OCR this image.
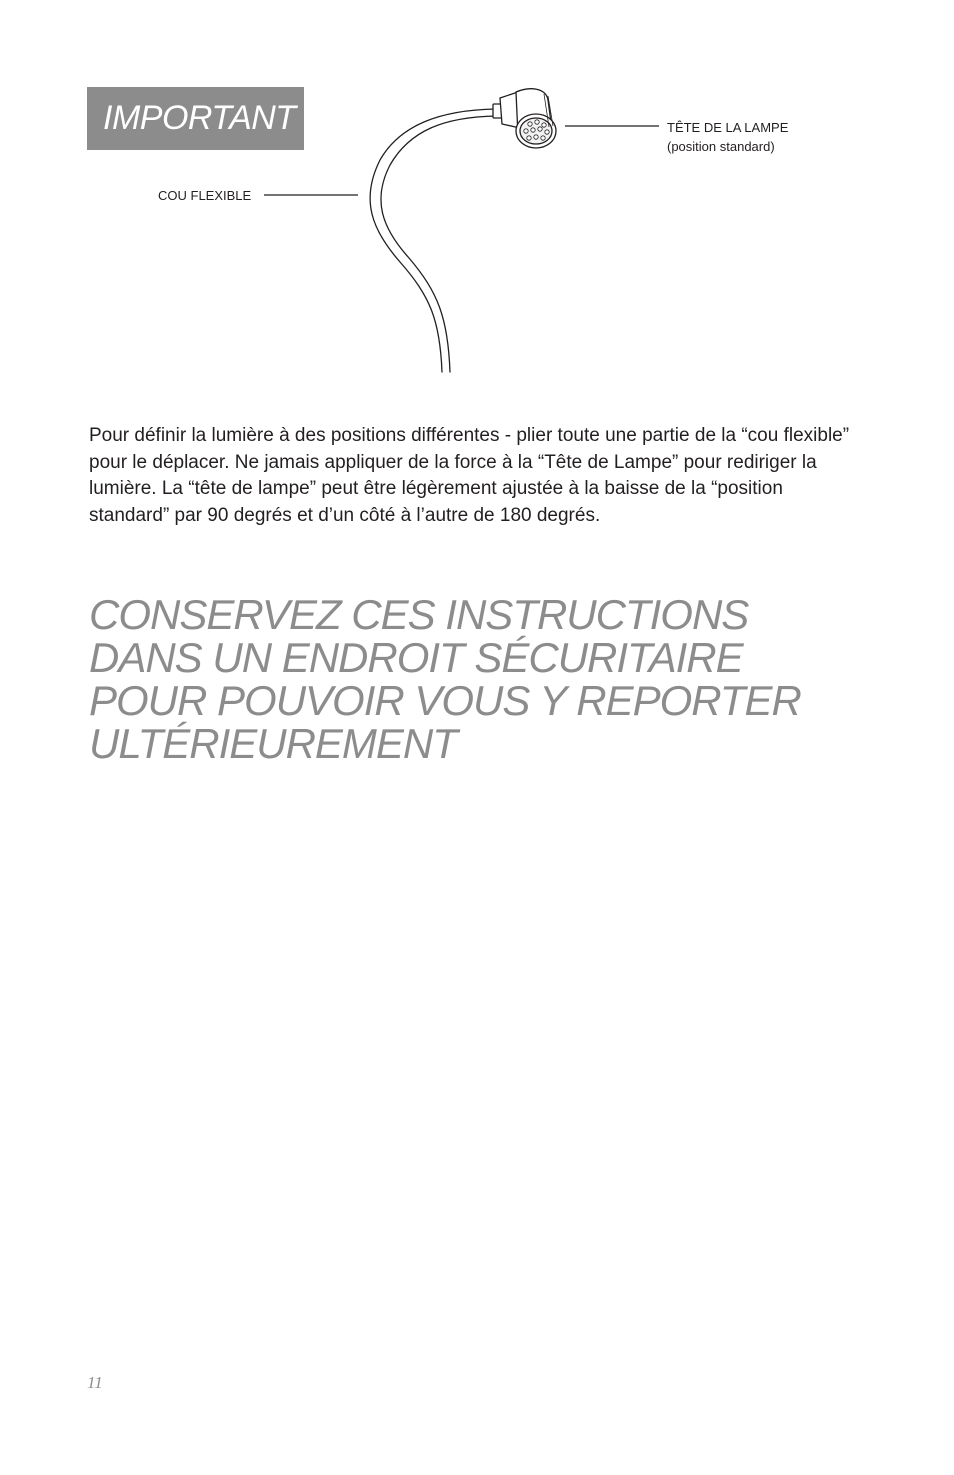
IMPORTANT
COU FLEXIBLE
TÊTE DE LA LAMPE
(position standard)

Pour définir la lumière à des positions différentes - plier toute une partie de la “cou flexible” pour le déplacer. Ne jamais appliquer de la force à la “Tête de Lampe” pour rediriger la lumière. La “tête de lampe” peut être légèrement ajustée à la baisse de la “position standard” par 90 degrés et d’un côté à l’autre de 180 degrés.

CONSERVEZ CES INSTRUCTIONS
DANS UN ENDROIT SÉCURITAIRE
POUR POUVOIR VOUS Y REPORTER
ULTÉRIEUREMENT
11
